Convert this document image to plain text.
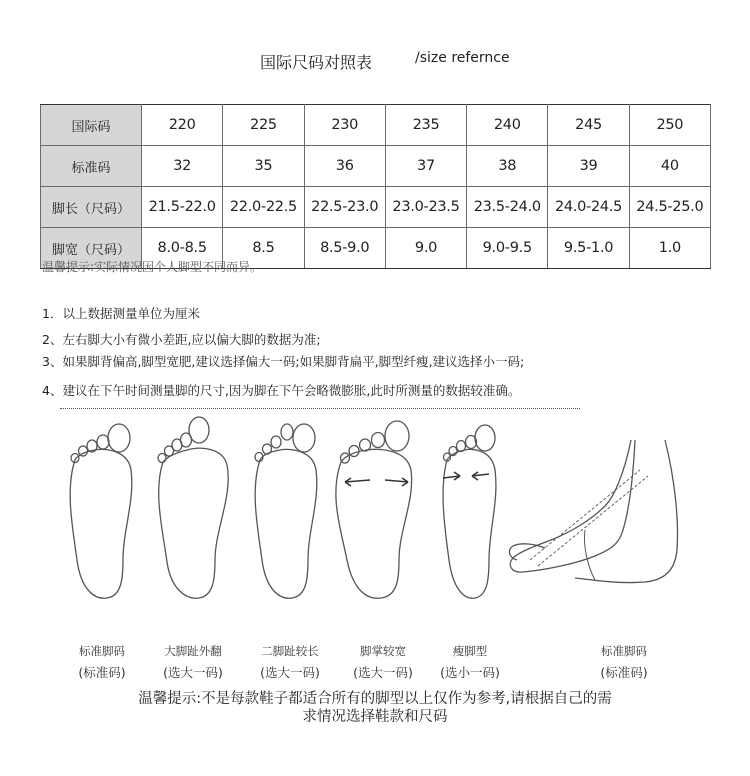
国际尺码对照表	/size refernce
国际码	220	225	230	235	240	245	250
标准码	32	35	36	37	38	39	40
脚长（尺码）	21.5-22.0	22.0-22.5	22.5-23.0	23.0-23.5	23.5-24.0	24.0-24.5	24.5-25.0
脚宽（尺码）	8.0-8.5	8.5	8.5-9.0	9.0	9.0-9.5	9.5-1.0	1.0
温馨提示:实际情况因个人脚型不同而异。
1．以上数据测量单位为厘米
2、左右脚大小有微小差距,应以偏大脚的数据为准;
3、如果脚背偏高,脚型宽肥,建议选择偏大一码;如果脚背扁平,脚型纤瘦,建议选择小一码;
4、建议在下午时间测量脚的尺寸,因为脚在下午会略微膨胀,此时所测量的数据较准确。
标准脚码
(标准码)
大脚趾外翻
(选大一码)
二脚趾较长
(选大一码)
脚掌较宽
(选大一码)
瘦脚型
(选小一码)
标准脚码
(标准码)
温馨提示:不是每款鞋子都适合所有的脚型以上仅作为参考,请根据自己的需
求情况选择鞋款和尺码
